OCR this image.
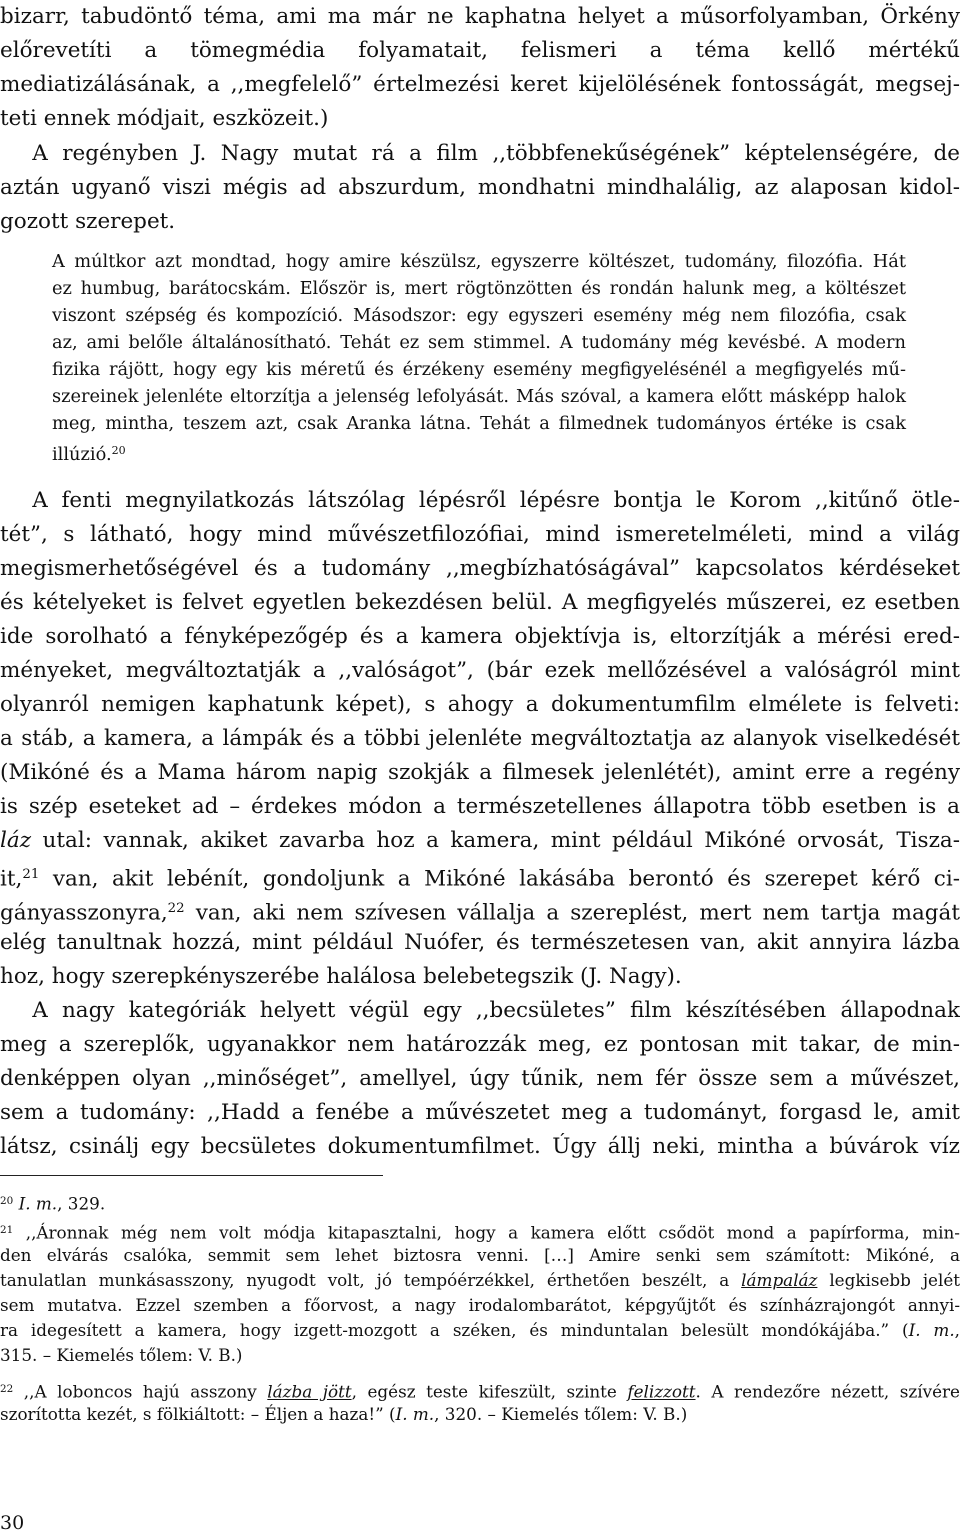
bizarr, tabudöntő téma, ami ma már ne kaphatna helyet a műsorfolyamban, Örkény
előrevetíti a tömegmédia folyamatait, felismeri a téma kellő mértékű
mediatizálásának, a ,,megfelelő” értelmezési keret kijelölésének fontosságát, megsej-
teti ennek módjait, eszközeit.)
  A regényben J. Nagy mutat rá a film ,,többfenekűségének” képtelenségére, de
aztán ugyanő viszi mégis ad abszurdum, mondhatni mindhalálig, az alaposan kidol-
gozott szerepet.
A múltkor azt mondtad, hogy amire készülsz, egyszerre költészet, tudomány, filozófia. Hát
ez humbug, barátocskám. Először is, mert rögtönzötten és rondán halunk meg, a költészet
viszont szépség és kompozíció. Másodszor: egy egyszeri esemény még nem filozófia, csak
az, ami belőle általánosítható. Tehát ez sem stimmel. A tudomány még kevésbé. A modern
fizika rájött, hogy egy kis méretű és érzékeny esemény megfigyelésénél a megfigyelés mű-
szereinek jelenléte eltorzítja a jelenség lefolyását. Más szóval, a kamera előtt másképp halok
meg, mintha, teszem azt, csak Aranka látna. Tehát a filmednek tudományos értéke is csak
illúzió.$^{20}$
  A fenti megnyilatkozás látszólag lépésről lépésre bontja le Korom ,,kitűnő ötle-
tét”, s látható, hogy mind művészetfilozófiai, mind ismeretelméleti, mind a világ
megismerhetőségével és a tudomány ,,megbízhatóságával” kapcsolatos kérdéseket
és kételyeket is felvet egyetlen bekezdésen belül. A megfigyelés műszerei, ez esetben
ide sorolható a fényképezőgép és a kamera objektívja is, eltorzítják a mérési ered-
ményeket, megváltoztatják a ,,valóságot”, (bár ezek mellőzésével a valóságról mint
olyanról nemigen kaphatunk képet), s ahogy a dokumentumfilm elmélete is felveti:
a stáb, a kamera, a lámpák és a többi jelenléte megváltoztatja az alanyok viselkedését
(Mikóné és a Mama három napig szokják a filmesek jelenlétét), amint erre a regény
is szép eseteket ad – érdekes módon a természetellenes állapotra több esetben is a
láz utal: vannak, akiket zavarba hoz a kamera, mint például Mikóné orvosát, Tisza-
it,$^{21}$ van, akit lebénít, gondoljunk a Mikóné lakásába berontó és szerepet kérő ci-
gányasszonyra,$^{22}$ van, aki nem szívesen vállalja a szereplést, mert nem tartja magát
elég tanultnak hozzá, mint például Nuófer, és természetesen van, akit annyira lázba
hoz, hogy szerepkényszerébe halálosa belebetegszik (J. Nagy).
  A nagy kategóriák helyett végül egy ,,becsületes” film készítésében állapodnak
meg a szereplők, ugyanakkor nem határozzák meg, ez pontosan mit takar, de min-
denképpen olyan ,,minőséget”, amellyel, úgy tűnik, nem fér össze sem a művészet,
sem a tudomány: ,,Hadd a fenébe a művészetet meg a tudományt, forgasd le, amit
látsz, csinálj egy becsületes dokumentumfilmet. Úgy állj neki, mintha a búvárok víz
$^{20}$ I. m., 329.
$^{21}$ ,,Áronnak még nem volt módja kitapasztalni, hogy a kamera előtt csődöt mond a papírforma, min-
den elvárás csalóka, semmit sem lehet biztosra venni. […] Amire senki sem számított: Mikóné, a
tanulatlan munkásasszony, nyugodt volt, jó tempóérzékkel, érthetően beszélt, a lámpaláz legkisebb jelét
sem mutatva. Ezzel szemben a főorvost, a nagy irodalombarátot, képgyűjtőt és színházrajongót annyi-
ra idegesített a kamera, hogy izgett-mozgott a széken, és minduntalan belesült mondókájába.” (I. m.,
315. – Kiemelés tőlem: V. B.)
$^{22}$ ,,A loboncos hajú asszony lázba jött, egész teste kifeszült, szinte felizzott. A rendezőre nézett, szívére
szorította kezét, s fölkiáltott: – Éljen a haza!” (I. m., 320. – Kiemelés tőlem: V. B.)
30
